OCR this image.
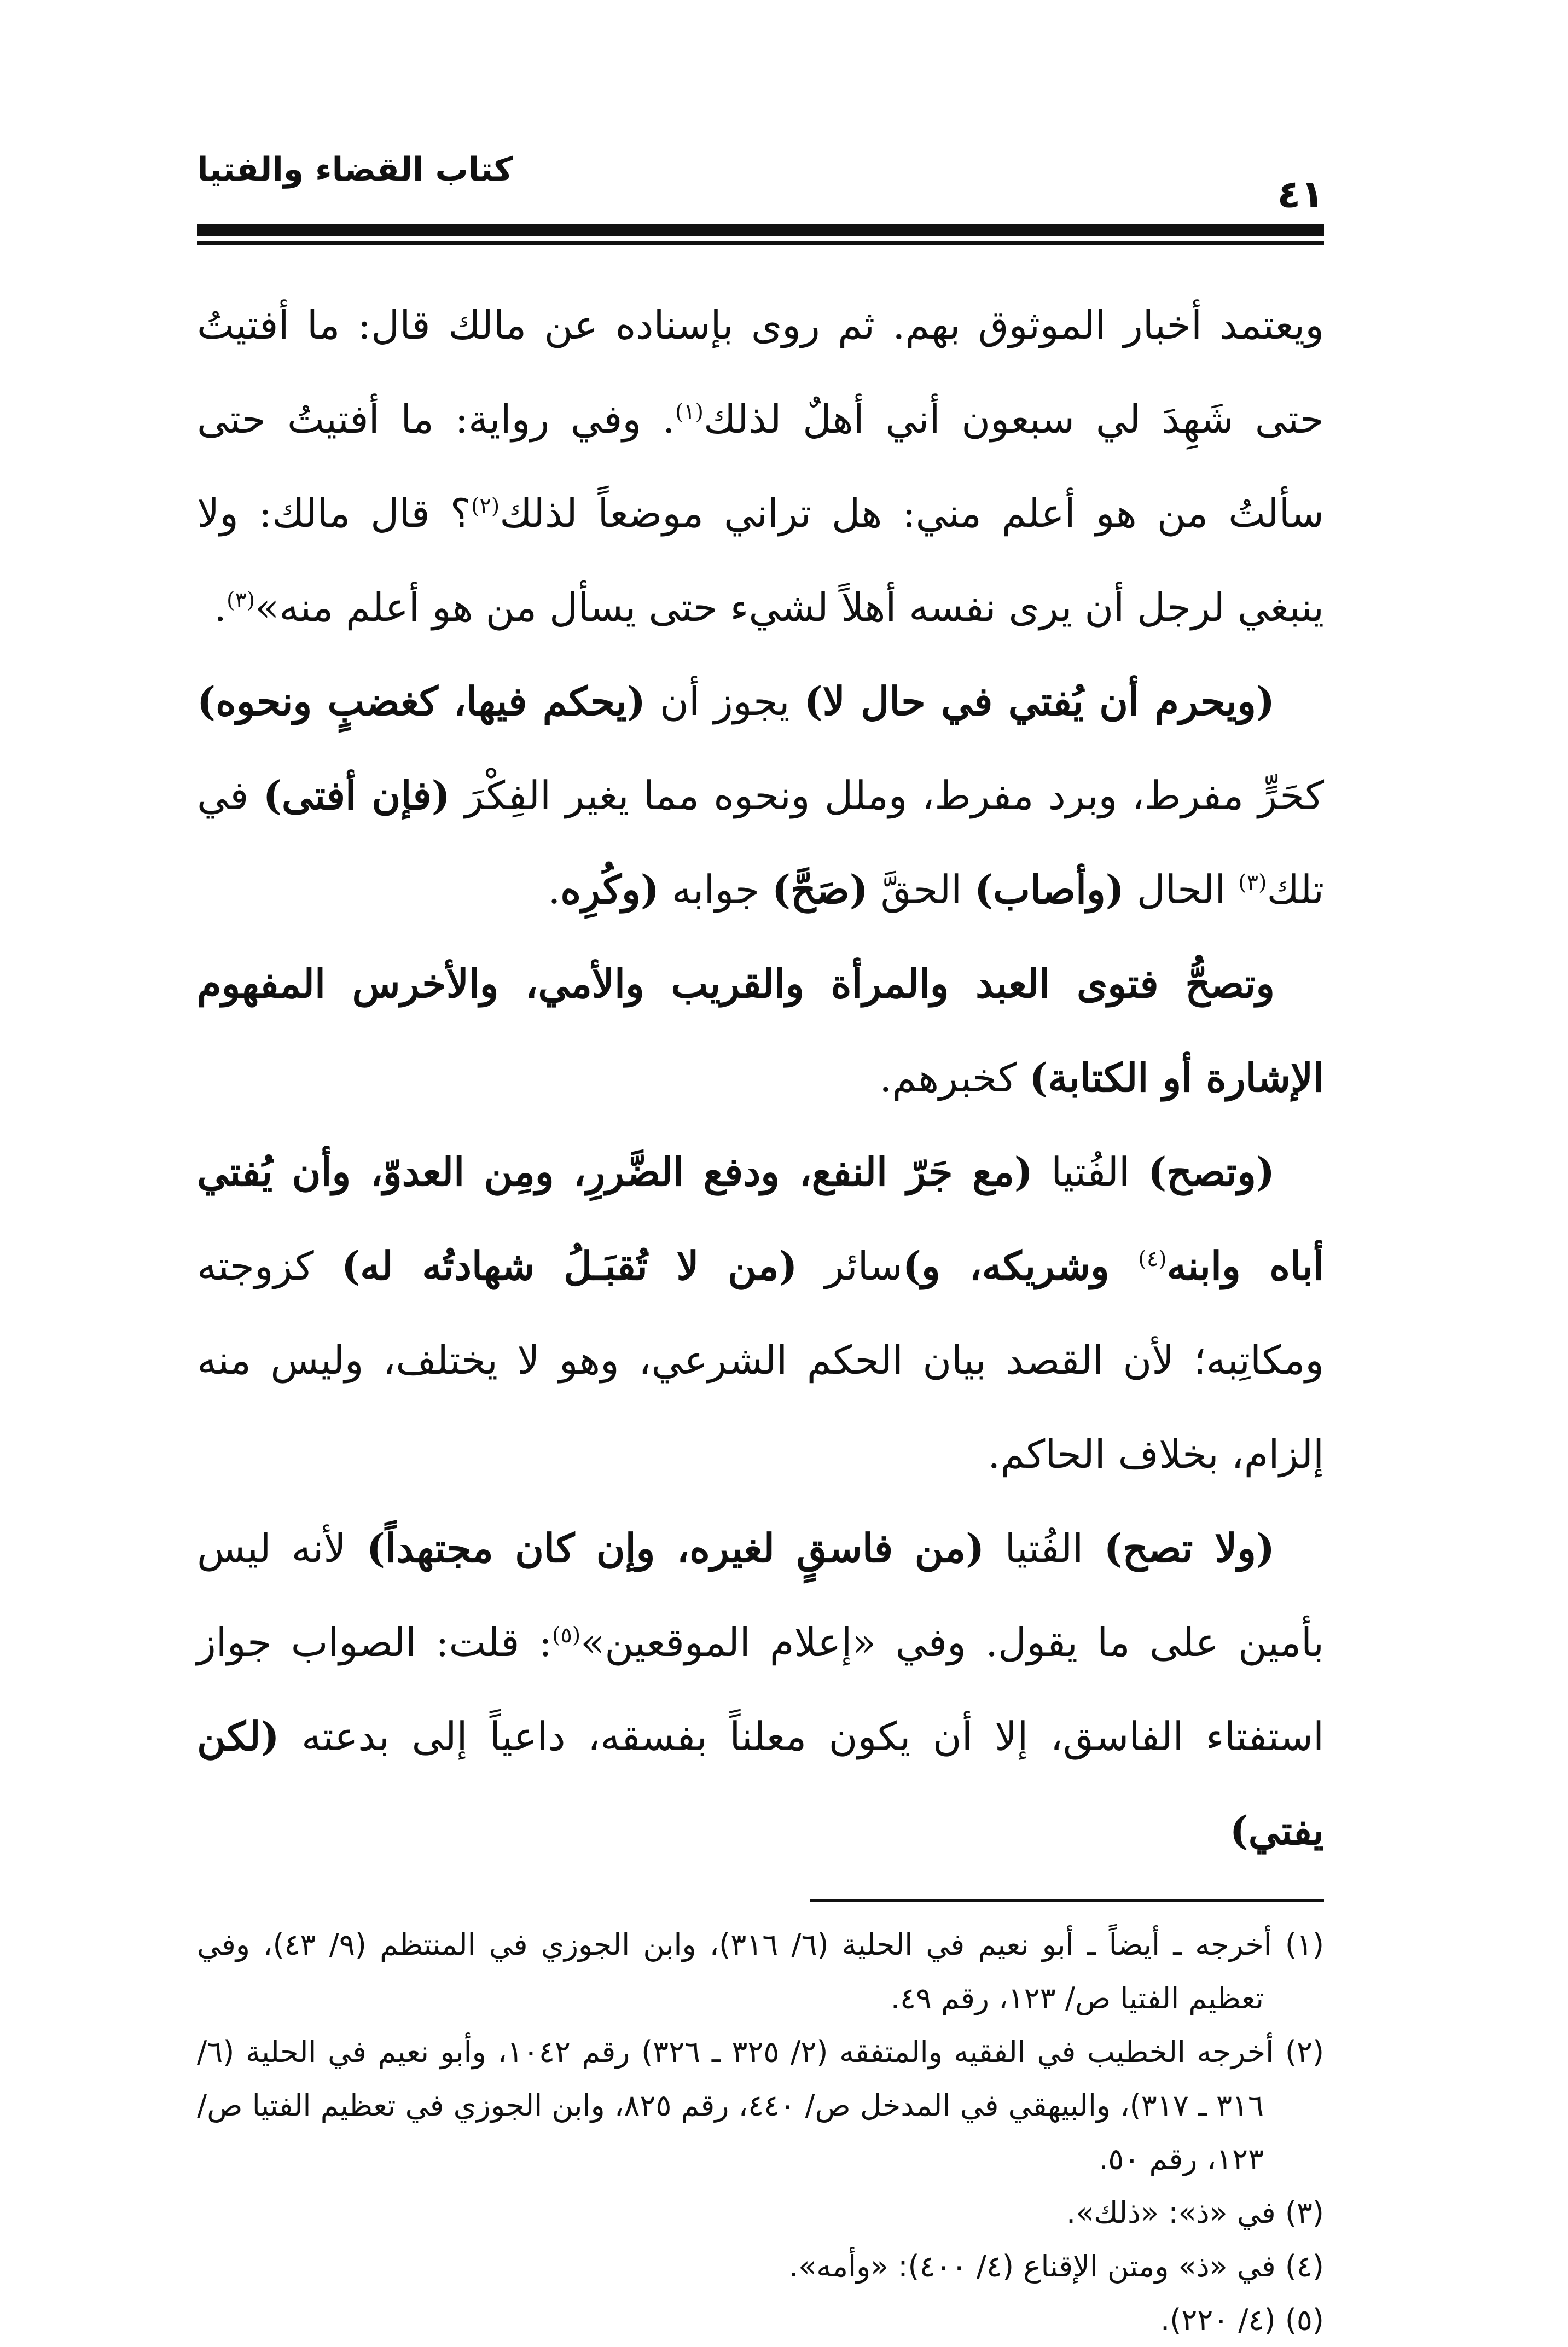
كتاب القضاء والفتيا
٤١

ويعتمد أخبار الموثوق بهم. ثم روى بإسناده عن مالك قال: ما أفتيتُ حتى شَهِدَ لي سبعون أني أهلٌ لذلك$^{(١)}$. وفي رواية: ما أفتيتُ حتى سألتُ من هو أعلم مني: هل تراني موضعاً لذلك$^{(٢)}$؟ قال مالك: ولا ينبغي لرجل أن يرى نفسه أهلاً لشيء حتى يسأل من هو أعلم منه»$^{(٣)}$.

(ويحرم أن يُفتي في حال لا) يجوز أن (يحكم فيها، كغضبٍ ونحوه) كحَرٍّ مفرط، وبرد مفرط، وملل ونحوه مما يغير الفِكْرَ (فإن أفتى) في تلك$^{(٣)}$ الحال (وأصاب) الحقَّ (صَحَّ) جوابه (وكُرِه.

وتصحُّ فتوى العبد والمرأة والقريب والأمي، والأخرس المفهوم الإشارة أو الكتابة) كخبرهم.

(وتصح) الفُتيا (مع جَرّ النفع، ودفع الضَّررِ، ومِن العدوّ، وأن يُفتي أباه وابنه$^{(٤)}$ وشريكه، و)سائر (من لا تُقبَـلُ شهادتُه له) كزوجته ومكاتِبه؛ لأن القصد بيان الحكم الشرعي، وهو لا يختلف، وليس منه إلزام، بخلاف الحاكم.

(ولا تصح) الفُتيا (من فاسقٍ لغيره، وإن كان مجتهداً) لأنه ليس بأمين على ما يقول. وفي «إعلام الموقعين»$^{(٥)}$: قلت: الصواب جواز استفتاء الفاسق، إلا أن يكون معلناً بفسقه، داعياً إلى بدعته (لكن يفتي)

(١) أخرجه ـ أيضاً ـ أبو نعيم في الحلية (٦/ ٣١٦)، وابن الجوزي في المنتظم (٩/ ٤٣)، وفي تعظيم الفتيا ص/ ١٢٣، رقم ٤٩.

(٢) أخرجه الخطيب في الفقيه والمتفقه (٢/ ٣٢٥ ـ ٣٢٦) رقم ١٠٤٢، وأبو نعيم في الحلية (٦/ ٣١٦ ـ ٣١٧)، والبيهقي في المدخل ص/ ٤٤٠، رقم ٨٢٥، وابن الجوزي في تعظيم الفتيا ص/ ١٢٣، رقم ٥٠.

(٣) في «ذ»: «ذلك».

(٤) في «ذ» ومتن الإقناع (٤/ ٤٠٠): «وأمه».

(٥) (٤/ ٢٢٠).
